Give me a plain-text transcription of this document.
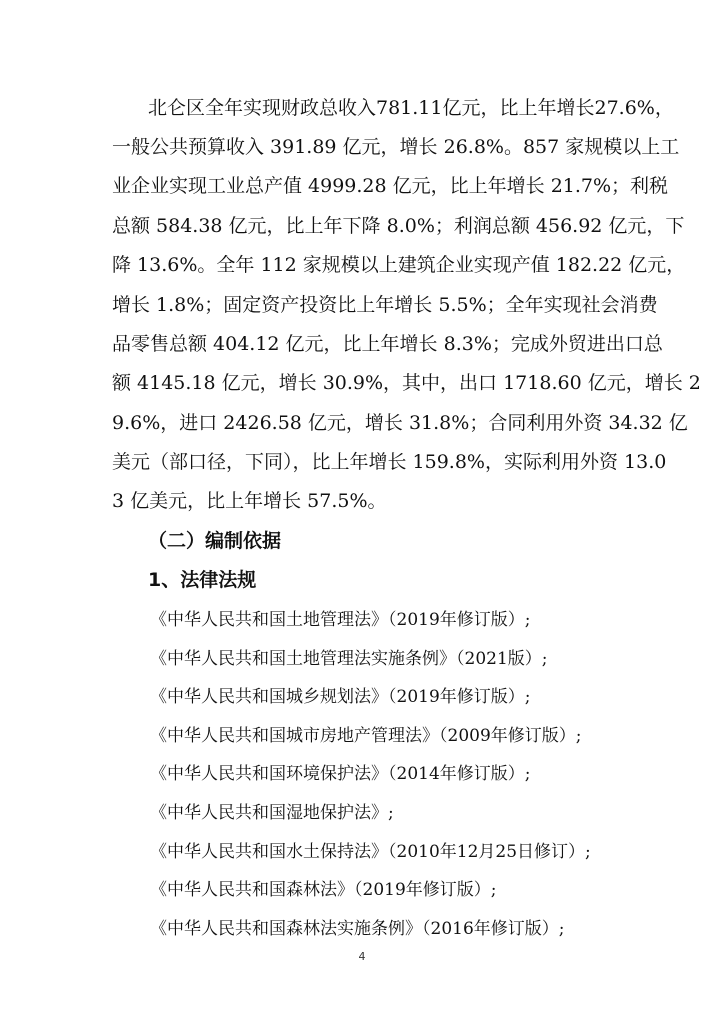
北仑区全年实现财政总收入781.11亿元，比上年增长27.6%，
一般公共预算收入 391.89 亿元，增长 26.8%。857 家规模以上工
业企业实现工业总产值 4999.28 亿元，比上年增长 21.7%；利税
总额 584.38 亿元，比上年下降 8.0%；利润总额 456.92 亿元，下
降 13.6%。全年 112 家规模以上建筑企业实现产值 182.22 亿元，
增长 1.8%；固定资产投资比上年增长 5.5%；全年实现社会消费
品零售总额 404.12 亿元，比上年增长 8.3%；完成外贸进出口总
额 4145.18 亿元，增长 30.9%，其中，出口 1718.60 亿元，增长 2
9.6%，进口 2426.58 亿元，增长 31.8%；合同利用外资 34.32 亿
美元（部口径，下同），比上年增长 159.8%，实际利用外资 13.0
3 亿美元，比上年增长 57.5%。
（二）编制依据
1、法律法规
《中华人民共和国土地管理法》（2019年修订版）;
《中华人民共和国土地管理法实施条例》（2021版）;
《中华人民共和国城乡规划法》（2019年修订版）;
《中华人民共和国城市房地产管理法》（2009年修订版）;
《中华人民共和国环境保护法》（2014年修订版）;
《中华人民共和国湿地保护法》;
《中华人民共和国水土保持法》（2010年12月25日修订）;
《中华人民共和国森林法》（2019年修订版）;
《中华人民共和国森林法实施条例》（2016年修订版）;
4
